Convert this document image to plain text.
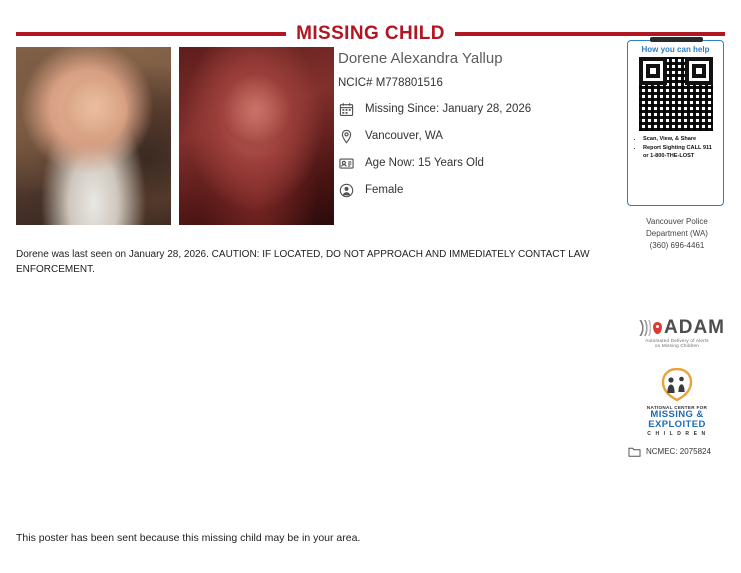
MISSING CHILD
Dorene Alexandra Yallup
NCIC# M778801516
Missing Since: January 28, 2026
Vancouver, WA
Age Now: 15 Years Old
Female
How you can help
• Scan, View, & Share
• Report Sighting CALL 911 or 1-800-THE-LOST
Vancouver Police
Department (WA)
(360) 696-4461
Dorene was last seen on January 28, 2026. CAUTION: IF LOCATED, DO NOT APPROACH AND IMMEDIATELY CONTACT LAW ENFORCEMENT.
ADAM
Automated Delivery of Alerts
on Missing Children
NATIONAL CENTER FOR
MISSING &
EXPLOITED
C H I L D R E N
NCMEC: 2075824
This poster has been sent because this missing child may be in your area.
